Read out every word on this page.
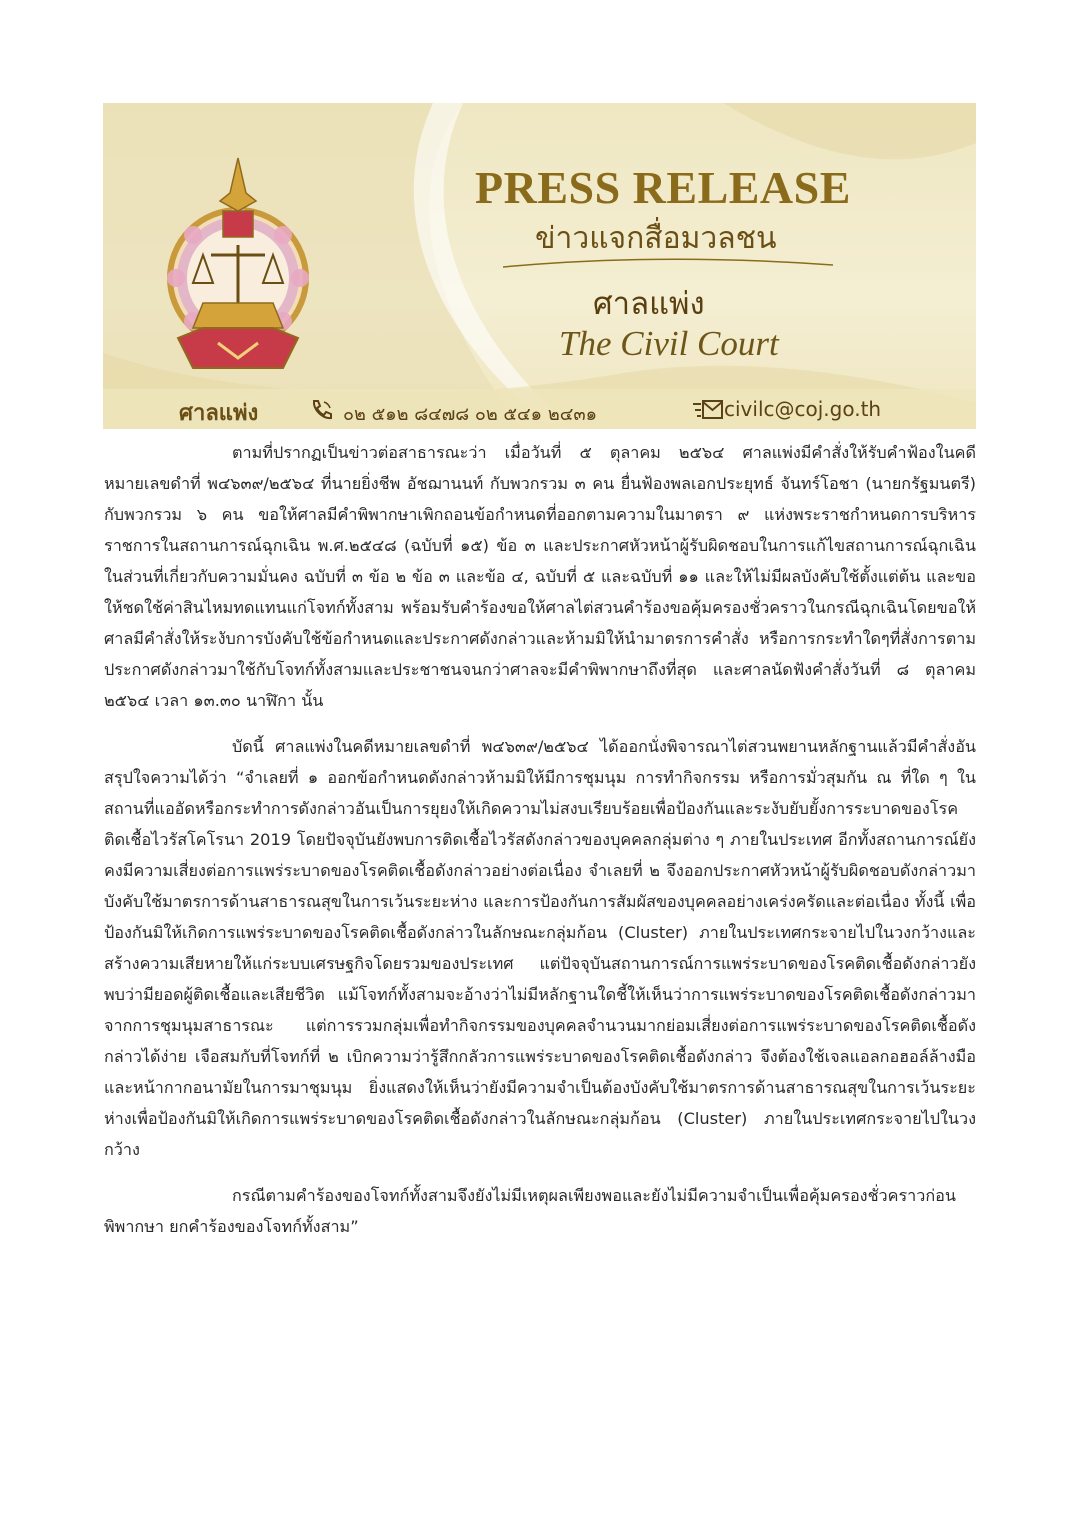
PRESS RELEASE
ข่าวแจกสื่อมวลชน
ศาลแพ่ง
The Civil Court
ศาลแพ่ง	๐๒ ๕๑๒ ๘๔๗๘ ๐๒ ๕๔๑ ๒๔๓๑	civilc@coj.go.th

ตามที่ปรากฏเป็นข่าวต่อสาธารณะว่า เมื่อวันที่ ๕ ตุลาคม ๒๕๖๔ ศาลแพ่งมีคำสั่งให้รับคำฟ้องในคดีหมายเลขดำที่ พ๔๖๓๙/๒๕๖๔ ที่นายยิ่งชีพ อัชฌานนท์ กับพวกรวม ๓ คน ยื่นฟ้องพลเอกประยุทธ์ จันทร์โอชา (นายกรัฐมนตรี) กับพวกรวม ๖ คน ขอให้ศาลมีคำพิพากษาเพิกถอนข้อกำหนดที่ออกตามความในมาตรา ๙ แห่งพระราชกำหนดการบริหารราชการในสถานการณ์ฉุกเฉิน พ.ศ.๒๕๔๘ (ฉบับที่ ๑๕) ข้อ ๓ และประกาศหัวหน้าผู้รับผิดชอบในการแก้ไขสถานการณ์ฉุกเฉินในส่วนที่เกี่ยวกับความมั่นคง ฉบับที่ ๓ ข้อ ๒ ข้อ ๓ และข้อ ๔, ฉบับที่ ๕ และฉบับที่ ๑๑ และให้ไม่มีผลบังคับใช้ตั้งแต่ต้น และขอให้ชดใช้ค่าสินไหมทดแทนแก่โจทก์ทั้งสาม พร้อมรับคำร้องขอให้ศาลไต่สวนคำร้องขอคุ้มครองชั่วคราวในกรณีฉุกเฉินโดยขอให้ศาลมีคำสั่งให้ระงับการบังคับใช้ข้อกำหนดและประกาศดังกล่าวและห้ามมิให้นำมาตรการคำสั่ง หรือการกระทำใดๆที่สั่งการตามประกาศดังกล่าวมาใช้กับโจทก์ทั้งสามและประชาชนจนกว่าศาลจะมีคำพิพากษาถึงที่สุด และศาลนัดฟังคำสั่งวันที่ ๘ ตุลาคม ๒๕๖๔ เวลา ๑๓.๓๐ นาฬิกา นั้น

บัดนี้ ศาลแพ่งในคดีหมายเลขดำที่ พ๔๖๓๙/๒๕๖๔ ได้ออกนั่งพิจารณาไต่สวนพยานหลักฐานแล้วมีคำสั่งอันสรุปใจความได้ว่า “จำเลยที่ ๑ ออกข้อกำหนดดังกล่าวห้ามมิให้มีการชุมนุม การทำกิจกรรม หรือการมั่วสุมกัน ณ ที่ใด ๆ ในสถานที่แออัดหรือกระทำการดังกล่าวอันเป็นการยุยงให้เกิดความไม่สงบเรียบร้อยเพื่อป้องกันและระงับยับยั้งการระบาดของโรคติดเชื้อไวรัสโคโรนา 2019 โดยปัจจุบันยังพบการติดเชื้อไวรัสดังกล่าวของบุคคลกลุ่มต่าง ๆ ภายในประเทศ อีกทั้งสถานการณ์ยังคงมีความเสี่ยงต่อการแพร่ระบาดของโรคติดเชื้อดังกล่าวอย่างต่อเนื่อง จำเลยที่ ๒ จึงออกประกาศหัวหน้าผู้รับผิดชอบดังกล่าวมาบังคับใช้มาตรการด้านสาธารณสุขในการเว้นระยะห่าง และการป้องกันการสัมผัสของบุคคลอย่างเคร่งครัดและต่อเนื่อง ทั้งนี้ เพื่อป้องกันมิให้เกิดการแพร่ระบาดของโรคติดเชื้อดังกล่าวในลักษณะกลุ่มก้อน (Cluster) ภายในประเทศกระจายไปในวงกว้างและสร้างความเสียหายให้แก่ระบบเศรษฐกิจโดยรวมของประเทศ แต่ปัจจุบันสถานการณ์การแพร่ระบาดของโรคติดเชื้อดังกล่าวยังพบว่ามียอดผู้ติดเชื้อและเสียชีวิต แม้โจทก์ทั้งสามจะอ้างว่าไม่มีหลักฐานใดชี้ให้เห็นว่าการแพร่ระบาดของโรคติดเชื้อดังกล่าวมาจากการชุมนุมสาธารณะ แต่การรวมกลุ่มเพื่อทำกิจกรรมของบุคคลจำนวนมากย่อมเสี่ยงต่อการแพร่ระบาดของโรคติดเชื้อดังกล่าวได้ง่าย เจือสมกับที่โจทก์ที่ ๒ เบิกความว่ารู้สึกกลัวการแพร่ระบาดของโรคติดเชื้อดังกล่าว จึงต้องใช้เจลแอลกอฮอล์ล้างมือและหน้ากากอนามัยในการมาชุมนุม ยิ่งแสดงให้เห็นว่ายังมีความจำเป็นต้องบังคับใช้มาตรการด้านสาธารณสุขในการเว้นระยะห่างเพื่อป้องกันมิให้เกิดการแพร่ระบาดของโรคติดเชื้อดังกล่าวในลักษณะกลุ่มก้อน (Cluster) ภายในประเทศกระจายไปในวงกว้าง

กรณีตามคำร้องของโจทก์ทั้งสามจึงยังไม่มีเหตุผลเพียงพอและยังไม่มีความจำเป็นเพื่อคุ้มครองชั่วคราวก่อนพิพากษา ยกคำร้องของโจทก์ทั้งสาม”
